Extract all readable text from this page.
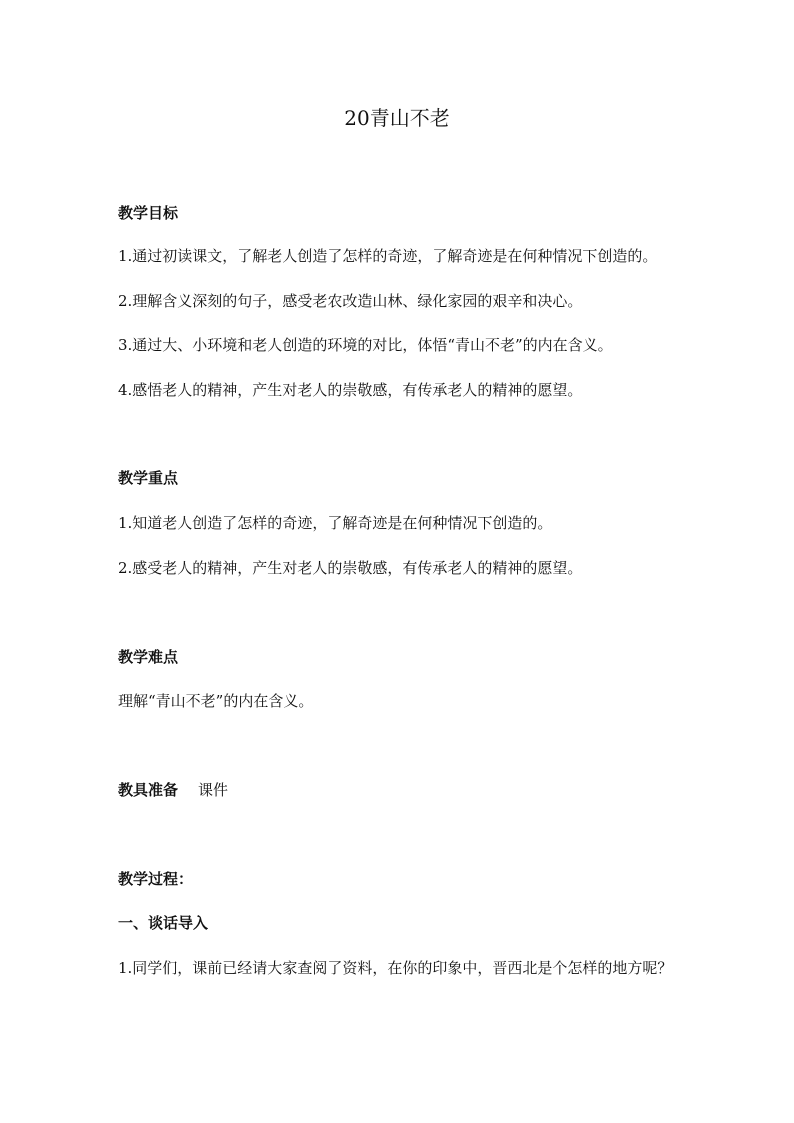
20青山不老
教学目标
1.通过初读课文，了解老人创造了怎样的奇迹，了解奇迹是在何种情况下创造的。
2.理解含义深刻的句子，感受老农改造山林、绿化家园的艰辛和决心。
3.通过大、小环境和老人创造的环境的对比，体悟“青山不老”的内在含义。
4.感悟老人的精神，产生对老人的崇敬感，有传承老人的精神的愿望。
教学重点
1.知道老人创造了怎样的奇迹，了解奇迹是在何种情况下创造的。
2.感受老人的精神，产生对老人的崇敬感，有传承老人的精神的愿望。
教学难点
理解“青山不老”的内在含义。
教具准备 课件
教学过程：
一、谈话导入
1.同学们，课前已经请大家查阅了资料，在你的印象中，晋西北是个怎样的地方呢？
